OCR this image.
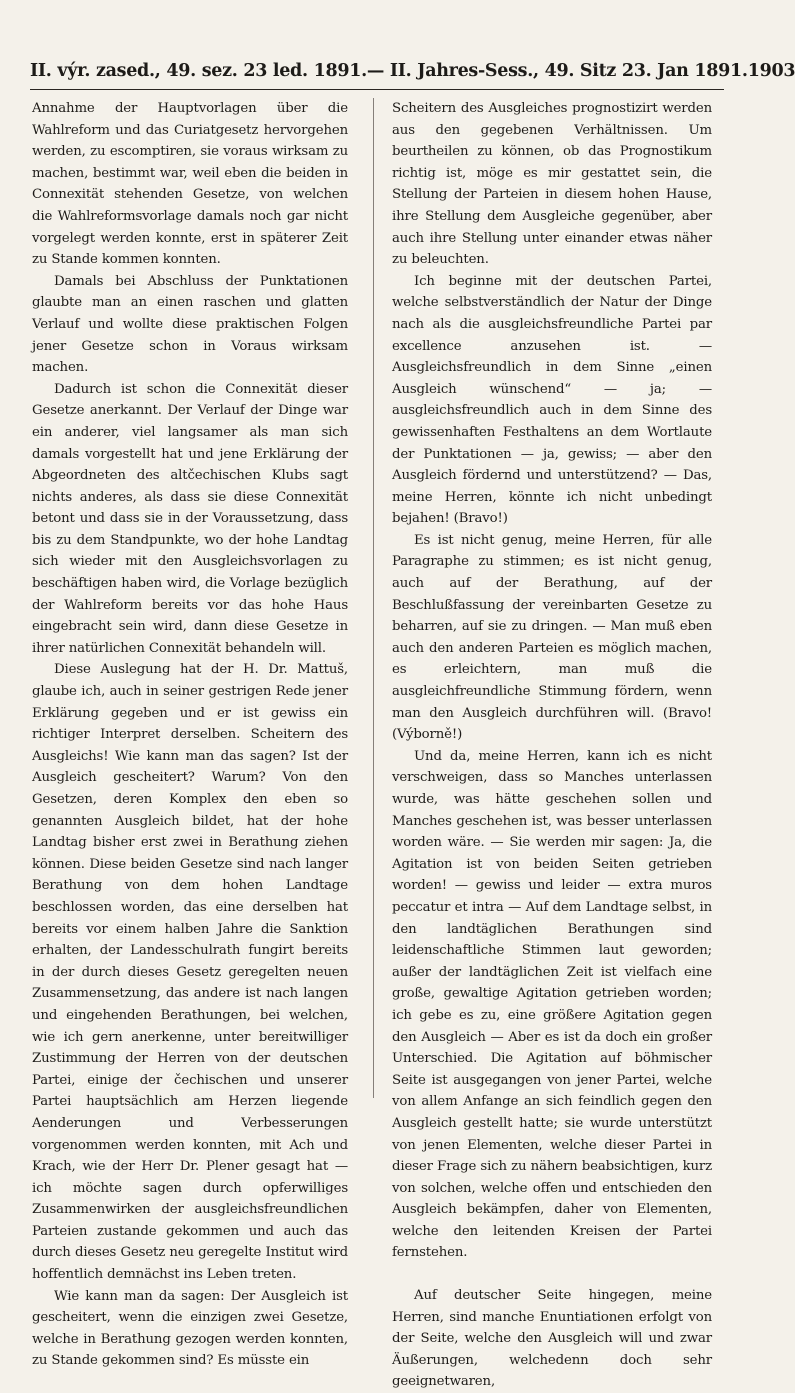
II. výr. zased., 49. sez. 23 led. 1891. — II. Jahres-Sess., 49. Sitz 23. Jan 1891. 1903

Annahme der Hauptvorlagen über die Wahlreform und das Curiatgesetz hervorgehen werden, zu escomptiren, sie voraus wirksam zu machen, bestimmt war, weil eben die beiden in Connexität stehenden Gesetze, von welchen die Wahlreformsvorlage damals noch gar nicht vorgelegt werden konnte, erst in späterer Zeit zu Stande kommen konnten.

Damals bei Abschluss der Punktationen glaubte man an einen raschen und glatten Verlauf und wollte diese praktischen Folgen jener Gesetze schon in Voraus wirksam machen.

Dadurch ist schon die Connexität dieser Gesetze anerkannt. Der Verlauf der Dinge war ein anderer, viel langsamer als man sich damals vorgestellt hat und jene Erklärung der Abgeordneten des altčechischen Klubs sagt nichts anderes, als dass sie diese Connexität betont und dass sie in der Voraussetzung, dass bis zu dem Standpunkte, wo der hohe Landtag sich wieder mit den Ausgleichsvorlagen zu beschäftigen haben wird, die Vorlage bezüglich der Wahlreform bereits vor das hohe Haus eingebracht sein wird, dann diese Gesetze in ihrer natürlichen Connexität behandeln will.

Diese Auslegung hat der H. Dr. Mattuš, glaube ich, auch in seiner gestrigen Rede jener Erklärung gegeben und er ist gewiss ein richtiger Interpret derselben. Scheitern des Ausgleichs! Wie kann man das sagen? Ist der Ausgleich gescheitert? Warum? Von den Gesetzen, deren Komplex den eben so genannten Ausgleich bildet, hat der hohe Landtag bisher erst zwei in Berathung ziehen können. Diese beiden Gesetze sind nach langer Berathung von dem hohen Landtage beschlossen worden, das eine derselben hat bereits vor einem halben Jahre die Sanktion erhalten, der Landesschulrath fungirt bereits in der durch dieses Gesetz geregelten neuen Zusammensetzung, das andere ist nach langen und eingehenden Berathungen, bei welchen, wie ich gern anerkenne, unter bereitwilliger Zustimmung der Herren von der deutschen Partei, einige der čechischen und unserer Partei hauptsächlich am Herzen liegende Aenderungen und Verbesserungen vorgenommen werden konnten, mit Ach und Krach, wie der Herr Dr. Plener gesagt hat — ich möchte sagen durch opferwilliges Zusammenwirken der ausgleichsfreundlichen Parteien zustande gekommen und auch das durch dieses Gesetz neu geregelte Institut wird hoffentlich demnächst ins Leben treten.

Wie kann man da sagen: Der Ausgleich ist gescheitert, wenn die einzigen zwei Gesetze, welche in Berathung gezogen werden konnten, zu Stande gekommen sind? Es müsste ein

Scheitern des Ausgleiches prognostizirt werden aus den gegebenen Verhältnissen. Um beurtheilen zu können, ob das Prognostikum richtig ist, möge es mir gestattet sein, die Stellung der Parteien in diesem hohen Hause, ihre Stellung dem Ausgleiche gegenüber, aber auch ihre Stellung unter einander etwas näher zu beleuchten.

Ich beginne mit der deutschen Partei, welche selbstverständlich der Natur der Dinge nach als die ausgleichsfreundliche Partei par excellence anzusehen ist. — Ausgleichsfreundlich in dem Sinne „einen Ausgleich wünschend“ — ja; — ausgleichsfreundlich auch in dem Sinne des gewissenhaften Festhaltens an dem Wortlaute der Punktationen — ja, gewiss; — aber den Ausgleich fördernd und unterstützend? — Das, meine Herren, könnte ich nicht unbedingt bejahen! (Bravo!)

Es ist nicht genug, meine Herren, für alle Paragraphe zu stimmen; es ist nicht genug, auch auf der Berathung, auf der Beschlußfassung der vereinbarten Gesetze zu beharren, auf sie zu dringen. — Man muß eben auch den anderen Parteien es möglich machen, es erleichtern, man muß die ausgleichfreundliche Stimmung fördern, wenn man den Ausgleich durchführen will. (Bravo! (Výborně!)

Und da, meine Herren, kann ich es nicht verschweigen, dass so Manches unterlassen wurde, was hätte geschehen sollen und Manches geschehen ist, was besser unterlassen worden wäre. — Sie werden mir sagen: Ja, die Agitation ist von beiden Seiten getrieben worden! — gewiss und leider — extra muros peccatur et intra — Auf dem Landtage selbst, in den landtäglichen Berathungen sind leidenschaftliche Stimmen laut geworden; außer der landtäglichen Zeit ist vielfach eine große, gewaltige Agitation getrieben worden; ich gebe es zu, eine größere Agitation gegen den Ausgleich — Aber es ist da doch ein großer Unterschied. Die Agitation auf böhmischer Seite ist ausgegangen von jener Partei, welche von allem Anfange an sich feindlich gegen den Ausgleich gestellt hatte; sie wurde unterstützt von jenen Elementen, welche dieser Partei in dieser Frage sich zu nähern beabsichtigen, kurz von solchen, welche offen und entschieden den Ausgleich bekämpfen, daher von Elementen, welche den leitenden Kreisen der Partei fernstehen.

Auf deutscher Seite hingegen, meine Herren, sind manche Enuntiationen erfolgt von der Seite, welche den Ausgleich will und zwar Äußerungen, welchedenn doch sehr geeignetwaren,
